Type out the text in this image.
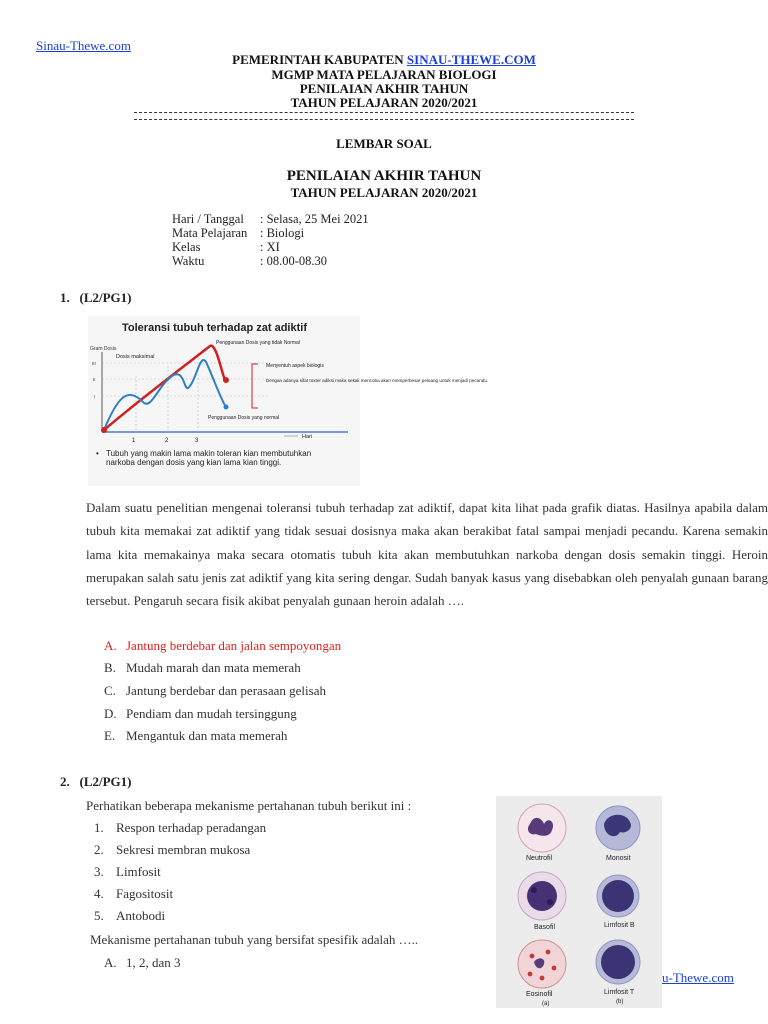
Sinau-Thewe.com
PEMERINTAH KABUPATEN SINAU-THEWE.COM
MGMP MATA PELAJARAN BIOLOGI
PENILAIAN AKHIR TAHUN
TAHUN PELAJARAN 2020/2021
LEMBAR SOAL
PENILAIAN AKHIR TAHUN
TAHUN PELAJARAN 2020/2021
Hari / Tanggal : Selasa, 25 Mei 2021
Mata Pelajaran : Biologi
Kelas	: XI
Waktu	: 08.00-08.30
1. (L2/PG1)
Toleransi tubuh terhadap zat adiktif
Gram Dosis
Dosis maksimal
Penggunaan Dosis yang tidak Normal
Menyentuh aspek biologis
Dengan adanya sifat toxter adiksi maka sekali mencoba akan memperbesar peluang untuk menjadi pecandu.
Penggunaan Dosis yang normal
1	2	3
Hari
III
II
I
• Tubuh yang makin lama makin toleran kian membutuhkan narkoba dengan dosis yang kian lama kian tinggi.
Dalam suatu penelitian mengenai toleransi tubuh terhadap zat adiktif, dapat kita lihat pada grafik diatas. Hasilnya apabila dalam tubuh kita memakai zat adiktif yang tidak sesuai dosisnya maka akan berakibat fatal sampai menjadi pecandu. Karena semakin lama kita memakainya maka secara otomatis tubuh kita akan membutuhkan narkoba dengan dosis semakin tinggi. Heroin merupakan salah satu jenis zat adiktif yang kita sering dengar. Sudah banyak kasus yang disebabkan oleh penyalah gunaan barang tersebut. Pengaruh secara fisik akibat penyalah gunaan heroin adalah ….
A. Jantung berdebar dan jalan sempoyongan
B. Mudah marah dan mata memerah
C. Jantung berdebar dan perasaan gelisah
D. Pendiam dan mudah tersinggung
E. Mengantuk dan mata memerah
2. (L2/PG1)
Perhatikan beberapa mekanisme pertahanan tubuh berikut ini :
1. Respon terhadap peradangan
2. Sekresi membran mukosa
3. Limfosit
4. Fagositosit
5. Antobodi
Mekanisme pertahanan tubuh yang bersifat spesifik adalah …..
A. 1, 2, dan 3
Neutrofil	Monosit
Basofil	Limfosit B
Eosinofil
(a)
Limfosit T
(b)
u-Thewe.com
